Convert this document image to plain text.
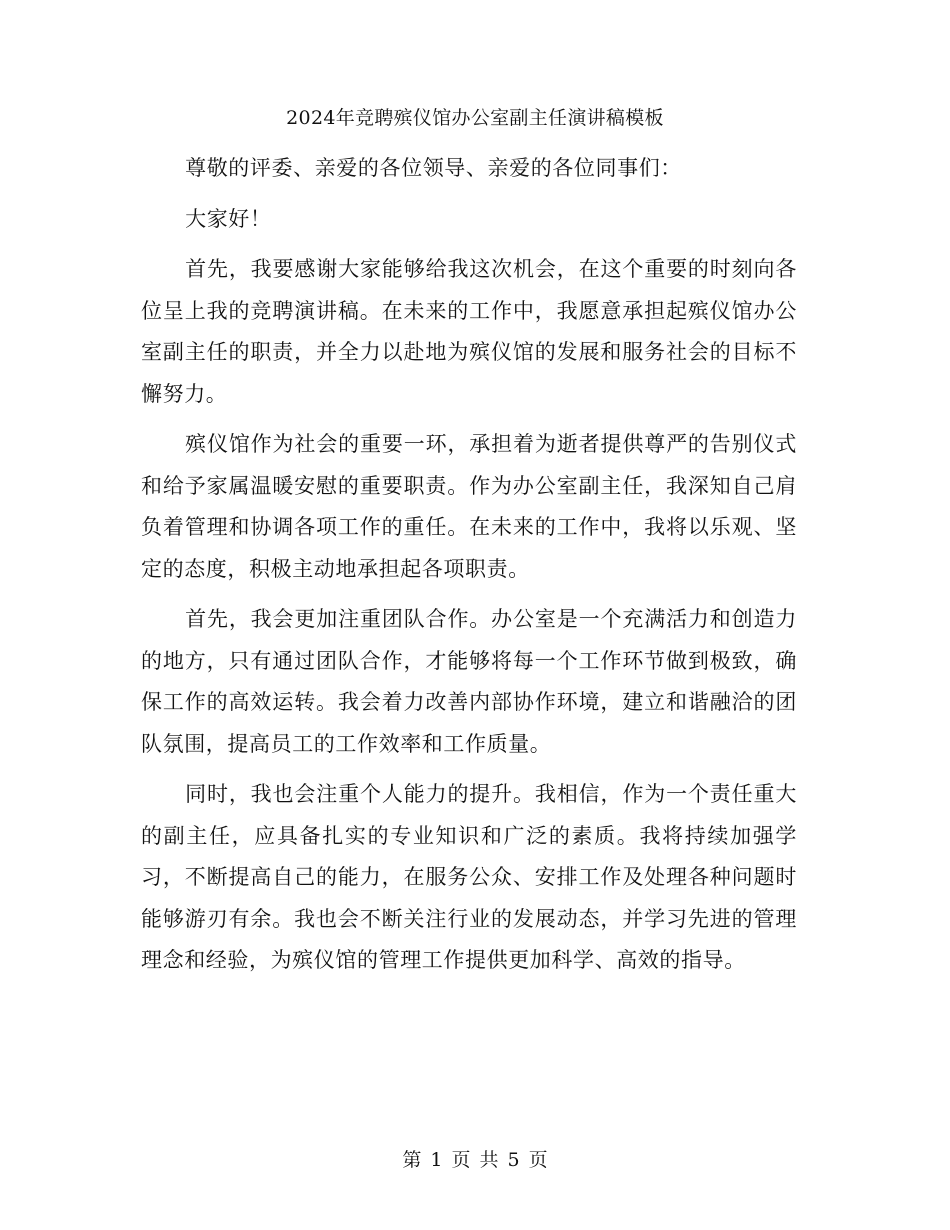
2024年竞聘殡仪馆办公室副主任演讲稿模板

尊敬的评委、亲爱的各位领导、亲爱的各位同事们：

大家好！

首先，我要感谢大家能够给我这次机会，在这个重要的时刻向各位呈上我的竞聘演讲稿。在未来的工作中，我愿意承担起殡仪馆办公室副主任的职责，并全力以赴地为殡仪馆的发展和服务社会的目标不懈努力。

殡仪馆作为社会的重要一环，承担着为逝者提供尊严的告别仪式和给予家属温暖安慰的重要职责。作为办公室副主任，我深知自己肩负着管理和协调各项工作的重任。在未来的工作中，我将以乐观、坚定的态度，积极主动地承担起各项职责。

首先，我会更加注重团队合作。办公室是一个充满活力和创造力的地方，只有通过团队合作，才能够将每一个工作环节做到极致，确保工作的高效运转。我会着力改善内部协作环境，建立和谐融洽的团队氛围，提高员工的工作效率和工作质量。

同时，我也会注重个人能力的提升。我相信，作为一个责任重大的副主任，应具备扎实的专业知识和广泛的素质。我将持续加强学习，不断提高自己的能力，在服务公众、安排工作及处理各种问题时能够游刃有余。我也会不断关注行业的发展动态，并学习先进的管理理念和经验，为殡仪馆的管理工作提供更加科学、高效的指导。

第 1 页 共 5 页
